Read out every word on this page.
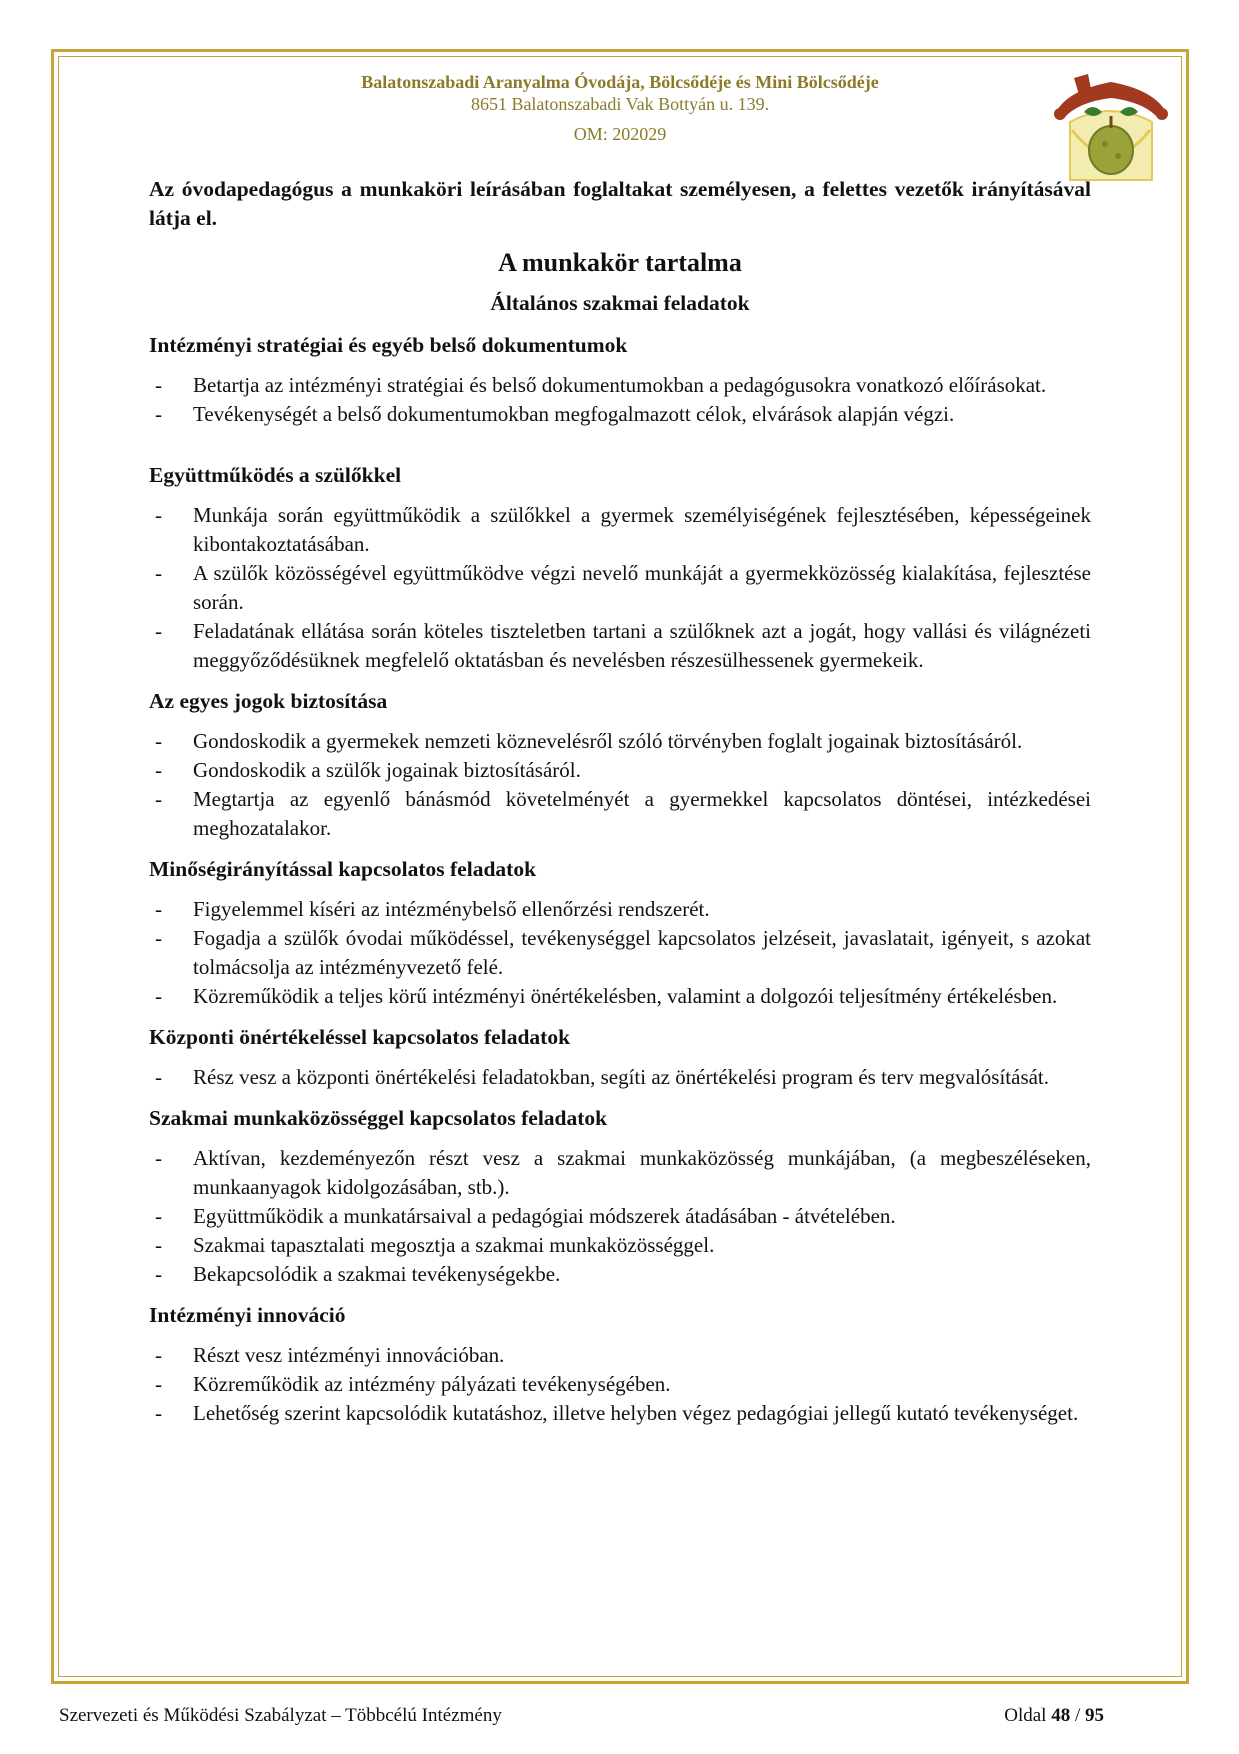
Balatonszabadi Aranyalma Óvodája, Bölcsődéje és Mini Bölcsődéje
8651 Balatonszabadi Vak Bottyán u. 139.
OM: 202029

Az óvodapedagógus a munkaköri leírásában foglaltakat személyesen, a felettes vezetők irányításával látja el.

A munkakör tartalma
Általános szakmai feladatok
Intézményi stratégiai és egyéb belső dokumentumok
- Betartja az intézményi stratégiai és belső dokumentumokban a pedagógusokra vonatkozó előírásokat.
- Tevékenységét a belső dokumentumokban megfogalmazott célok, elvárások alapján végzi.
Együttműködés a szülőkkel
- Munkája során együttműködik a szülőkkel a gyermek személyiségének fejlesztésében, képességeinek kibontakoztatásában.
- A szülők közösségével együttműködve végzi nevelő munkáját a gyermekközösség kialakítása, fejlesztése során.
- Feladatának ellátása során köteles tiszteletben tartani a szülőknek azt a jogát, hogy vallási és világnézeti meggyőződésüknek megfelelő oktatásban és nevelésben részesülhessenek gyermekeik.
Az egyes jogok biztosítása
- Gondoskodik a gyermekek nemzeti köznevelésről szóló törvényben foglalt jogainak biztosításáról.
- Gondoskodik a szülők jogainak biztosításáról.
- Megtartja az egyenlő bánásmód követelményét a gyermekkel kapcsolatos döntései, intézkedései meghozatalakor.
Minőségirányítással kapcsolatos feladatok
- Figyelemmel kíséri az intézménybelső ellenőrzési rendszerét.
- Fogadja a szülők óvodai működéssel, tevékenységgel kapcsolatos jelzéseit, javaslatait, igényeit, s azokat tolmácsolja az intézményvezető felé.
- Közreműködik a teljes körű intézményi önértékelésben, valamint a dolgozói teljesítmény értékelésben.
Központi önértékeléssel kapcsolatos feladatok
- Rész vesz a központi önértékelési feladatokban, segíti az önértékelési program és terv megvalósítását.
Szakmai munkaközösséggel kapcsolatos feladatok
- Aktívan, kezdeményezőn részt vesz a szakmai munkaközösség munkájában, (a megbeszéléseken, munkaanyagok kidolgozásában, stb.).
- Együttműködik a munkatársaival a pedagógiai módszerek átadásában - átvételében.
- Szakmai tapasztalati megosztja a szakmai munkaközösséggel.
- Bekapcsolódik a szakmai tevékenységekbe.
Intézményi innováció
- Részt vesz intézményi innovációban.
- Közreműködik az intézmény pályázati tevékenységében.
- Lehetőség szerint kapcsolódik kutatáshoz, illetve helyben végez pedagógiai jellegű kutató tevékenységet.
Szervezeti és Működési Szabályzat – Többcélú Intézmény	Oldal 48 / 95
